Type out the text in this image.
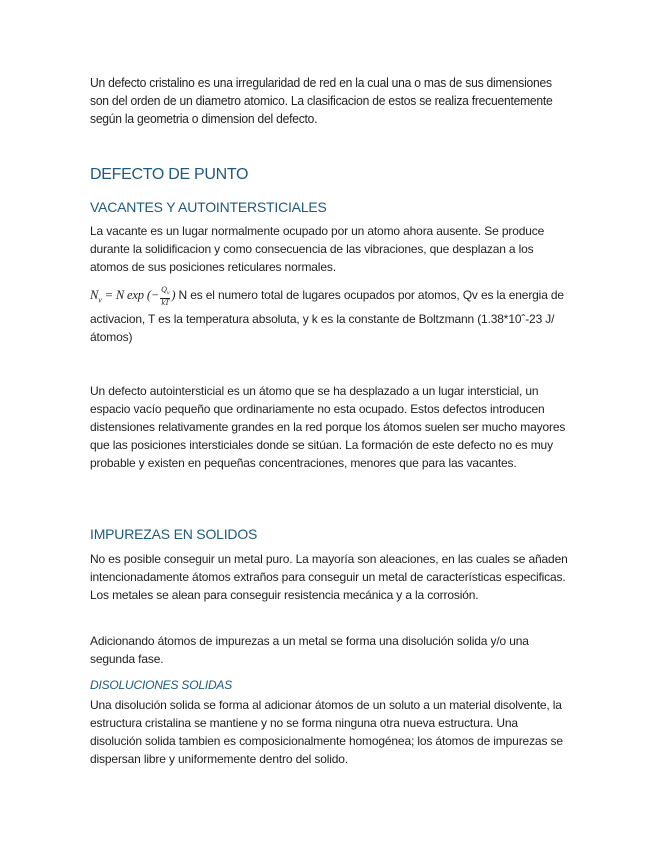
Un defecto cristalino es una irregularidad de red en la cual una o mas de sus dimensiones son del orden de un diametro atomico. La clasificacion de estos se realiza frecuentemente según la geometria o dimension del defecto.

DEFECTO DE PUNTO
VACANTES Y AUTOINTERSTICIALES

La vacante es un lugar normalmente ocupado por un atomo ahora ausente. Se produce durante la solidificacion y como consecuencia de las vibraciones, que desplazan a los atomos de sus posiciones reticulares normales.

$N_v = N$ exp (− $\frac{Q_v}{kT}$ ) N es el numero total de lugares ocupados por atomos, Qv es la energia de activacion, T es la temperatura absoluta, y k es la constante de Boltzmann (1.38*10ˆ-23 J/átomos)

Un defecto autointersticial es un átomo que se ha desplazado a un lugar intersticial, un espacio vacío pequeño que ordinariamente no esta ocupado. Estos defectos introducen distensiones relativamente grandes en la red porque los átomos suelen ser mucho mayores que las posiciones intersticiales donde se sitúan. La formación de este defecto no es muy probable y existen en pequeñas concentraciones, menores que para las vacantes.

IMPUREZAS EN SOLIDOS

No es posible conseguir un metal puro. La mayoría son aleaciones, en las cuales se añaden intencionadamente átomos extraños para conseguir un metal de características especificas. Los metales se alean para conseguir resistencia mecánica y a la corrosión.

Adicionando átomos de impurezas a un metal se forma una disolución solida y/o una segunda fase.

DISOLUCIONES SOLIDAS

Una disolución solida se forma al adicionar átomos de un soluto a un material disolvente, la estructura cristalina se mantiene y no se forma ninguna otra nueva estructura. Una disolución solida tambien es composicionalmente homogénea; los átomos de impurezas se dispersan libre y uniformemente dentro del solido.
